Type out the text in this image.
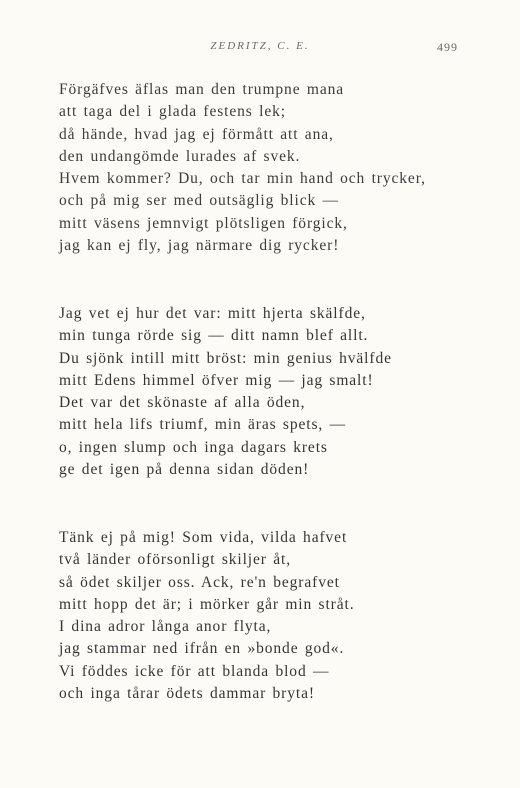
ZEDRITZ, C. E.	499
Förgäfves äflas man den trumpne mana
att taga del i glada festens lek;
då hände, hvad jag ej förmått att ana,
den undangömde lurades af svek.
Hvem kommer? Du, och tar min hand och trycker,
och på mig ser med outsäglig blick —
mitt väsens jemnvigt plötsligen förgick,
jag kan ej fly, jag närmare dig rycker!
Jag vet ej hur det var: mitt hjerta skälfde,
min tunga rörde sig — ditt namn blef allt.
Du sjönk intill mitt bröst: min genius hvälfde
mitt Edens himmel öfver mig — jag smalt!
Det var det skönaste af alla öden,
mitt hela lifs triumf, min äras spets, —
o, ingen slump och inga dagars krets
ge det igen på denna sidan döden!
Tänk ej på mig! Som vida, vilda hafvet
två länder oförsonligt skiljer åt,
så ödet skiljer oss. Ack, re'n begrafvet
mitt hopp det är; i mörker går min stråt.
I dina adror långa anor flyta,
jag stammar ned ifrån en »bonde god«.
Vi föddes icke för att blanda blod —
och inga tårar ödets dammar bryta!
